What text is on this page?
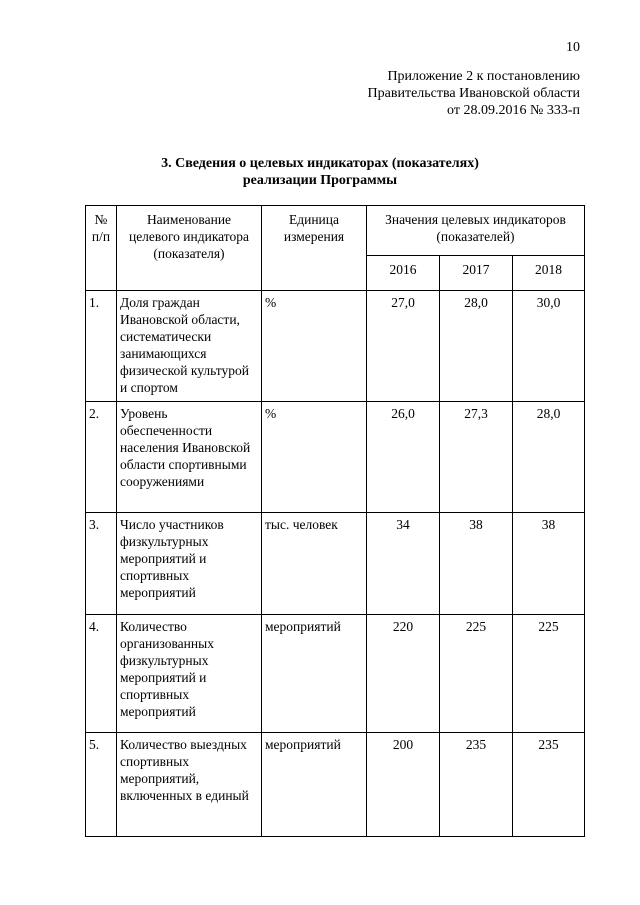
10
Приложение 2 к постановлению
Правительства Ивановской области
от 28.09.2016 № 333-п
3. Сведения о целевых индикаторах (показателях)
реализации Программы
№ п/п	Наименование целевого индикатора (показателя)	Единица измерения	Значения целевых индикаторов (показателей)		
			2016	2017	2018
1.	Доля граждан Ивановской области, систематически занимающихся физической культурой и спортом	%	27,0	28,0	30,0
2.	Уровень обеспеченности населения Ивановской области спортивными сооружениями	%	26,0	27,3	28,0
3.	Число участников физкультурных мероприятий и спортивных мероприятий	тыс. человек	34	38	38
4.	Количество организованных физкультурных мероприятий и спортивных мероприятий	мероприятий	220	225	225
5.	Количество выездных спортивных мероприятий, включенных в единый	мероприятий	200	235	235
